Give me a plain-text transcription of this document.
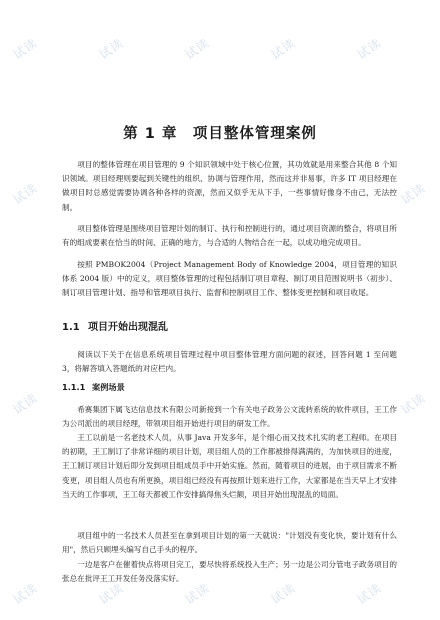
试读	试读	试读	试读	试读
试读	试读
试读	试读
试读	试读	试读	试读	试读
第 1 章　项目整体管理案例

项目的整体管理在项目管理的 9 个知识领域中处于核心位置，其功效就是用来整合其他 8 个知识领域。项目经理则要起到关键性的组织、协调与管理作用，然而这并非易事，许多 IT 项目经理在做项目时总感觉需要协调各种各样的资源，然而又似乎无从下手，一些事情好像身不由己，无法控制。

项目整体管理是围绕项目管理计划的制订、执行和控制进行的，通过项目资源的整合，将项目所有的组成要素在恰当的时间、正确的地方，与合适的人物结合在一起，以成功地完成项目。

按照 PMBOK2004（Project Management Body of Knowledge 2004，项目管理的知识体系 2004 版）中的定义，项目整体管理的过程包括制订项目章程、制订项目范围说明书（初步）、制订项目管理计划、指导和管理项目执行、监督和控制项目工作、整体变更控制和项目收尾。

1.1 项目开始出现混乱

阅读以下关于在信息系统项目管理过程中项目整体管理方面问题的叙述，回答问题 1 至问题 3，将解答填入答题纸的对应栏内。

1.1.1 案例场景

希赛集团下属飞达信息技术有限公司新接到一个有关电子政务公文流转系统的软件项目，王工作为公司派出的项目经理，带领项目组开始进行项目的研发工作。

王工以前是一名老技术人员，从事 Java 开发多年，是个细心而又技术扎实的老工程师。在项目的初期，王工制订了非常详细的项目计划，项目组人员的工作都被排得满满的，为加快项目的进度，王工制订项目计划后即分发到项目组成员手中开始实施。然而，随着项目的进展，由于项目需求不断变更，项目组人员也有所更换，项目组已经没有再按照计划来进行工作，大家都是在当天早上才安排当天的工作事项，王工每天都被工作安排搞得焦头烂额，项目开始出现混乱的局面。

项目组中的一名技术人员甚至在拿到项目计划的第一天就说："计划没有变化快，要计划有什么用"，然后只顾埋头编写自己手头的程序。

一边是客户在催着快点将项目完工，要尽快将系统投入生产；另一边是公司分管电子政务项目的张总在批评王工开发任务没落实好。
